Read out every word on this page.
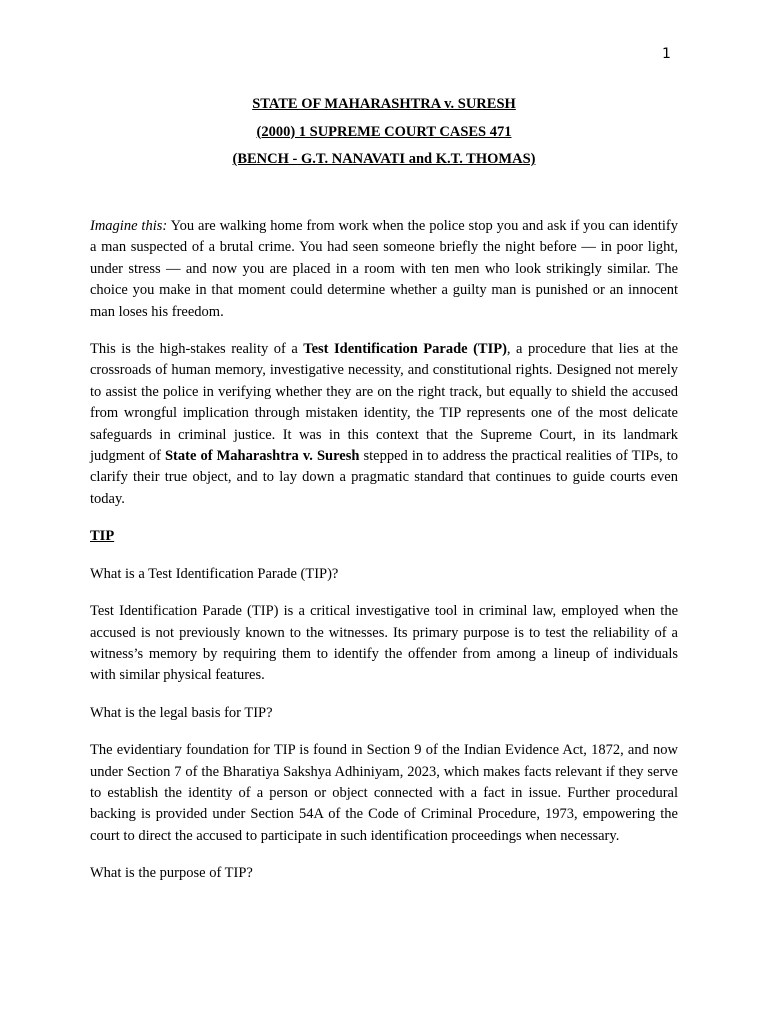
1
STATE OF MAHARASHTRA v. SURESH
(2000) 1 SUPREME COURT CASES 471
(BENCH - G.T. NANAVATI and K.T. THOMAS)

Imagine this: You are walking home from work when the police stop you and ask if you can identify a man suspected of a brutal crime. You had seen someone briefly the night before — in poor light, under stress — and now you are placed in a room with ten men who look strikingly similar. The choice you make in that moment could determine whether a guilty man is punished or an innocent man loses his freedom.

This is the high-stakes reality of a Test Identification Parade (TIP), a procedure that lies at the crossroads of human memory, investigative necessity, and constitutional rights. Designed not merely to assist the police in verifying whether they are on the right track, but equally to shield the accused from wrongful implication through mistaken identity, the TIP represents one of the most delicate safeguards in criminal justice. It was in this context that the Supreme Court, in its landmark judgment of State of Maharashtra v. Suresh stepped in to address the practical realities of TIPs, to clarify their true object, and to lay down a pragmatic standard that continues to guide courts even today.

TIP

What is a Test Identification Parade (TIP)?

Test Identification Parade (TIP) is a critical investigative tool in criminal law, employed when the accused is not previously known to the witnesses. Its primary purpose is to test the reliability of a witness’s memory by requiring them to identify the offender from among a lineup of individuals with similar physical features.

What is the legal basis for TIP?

The evidentiary foundation for TIP is found in Section 9 of the Indian Evidence Act, 1872, and now under Section 7 of the Bharatiya Sakshya Adhiniyam, 2023, which makes facts relevant if they serve to establish the identity of a person or object connected with a fact in issue. Further procedural backing is provided under Section 54A of the Code of Criminal Procedure, 1973, empowering the court to direct the accused to participate in such identification proceedings when necessary.

What is the purpose of TIP?
